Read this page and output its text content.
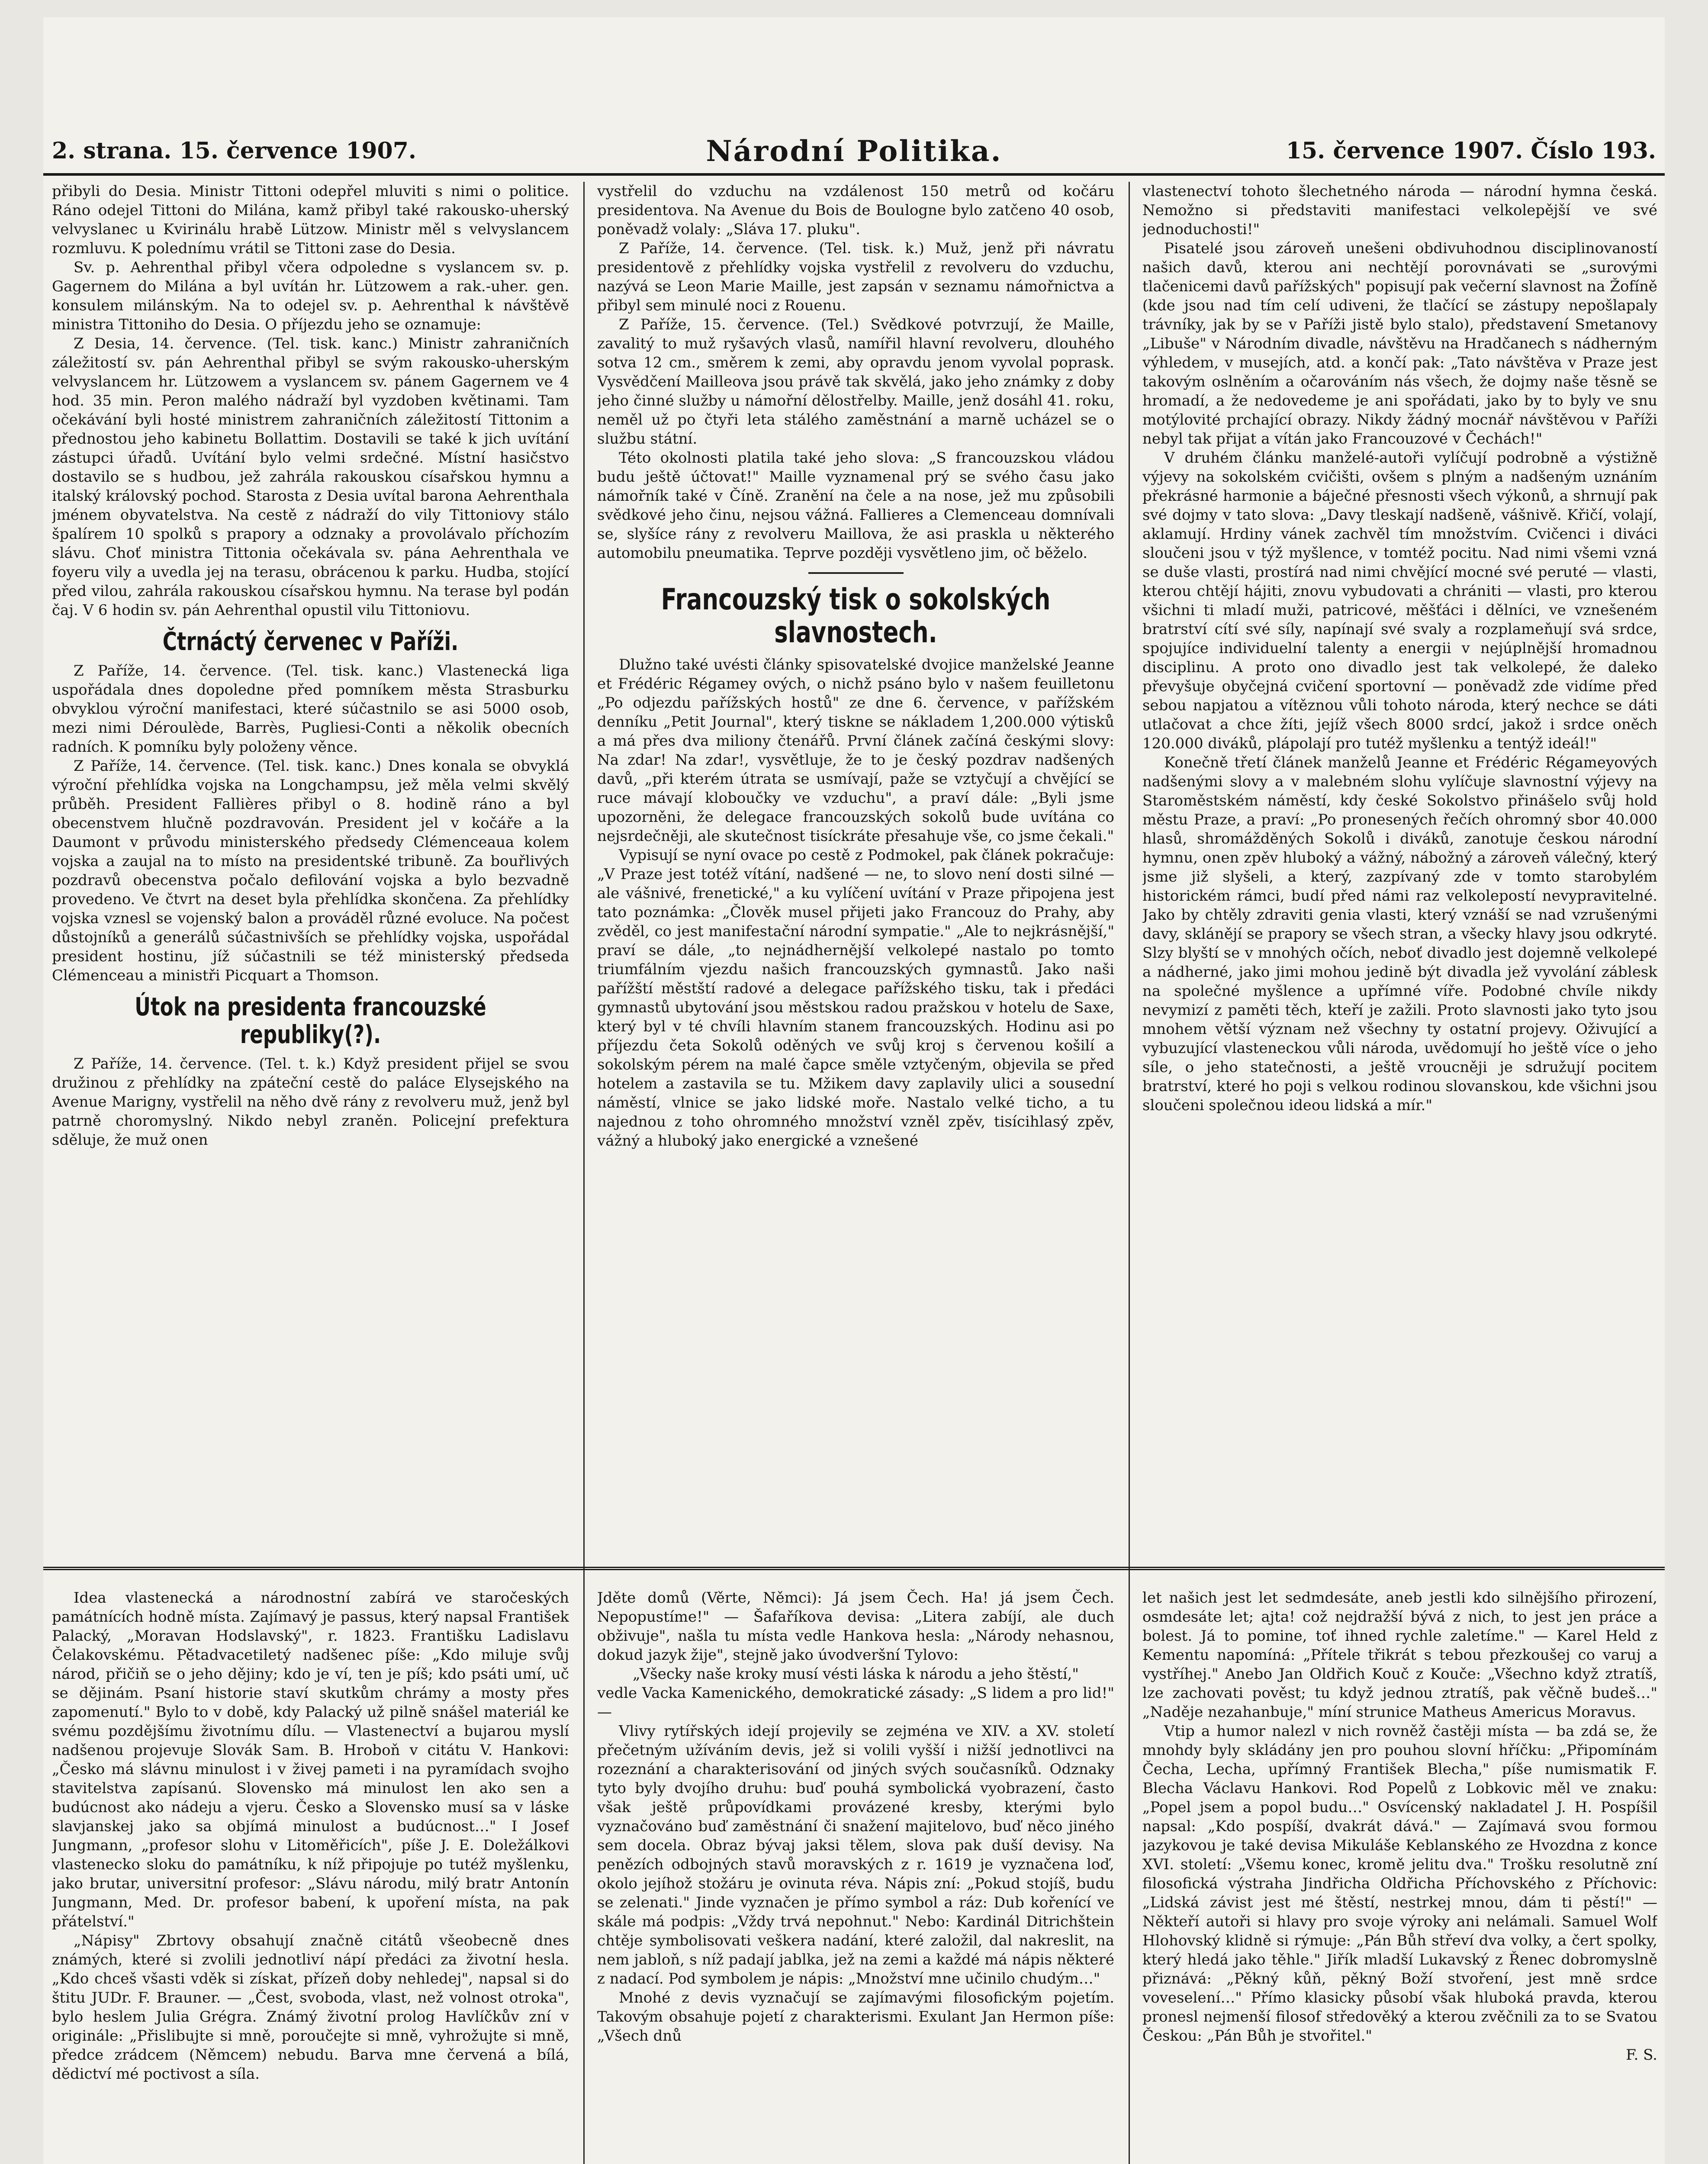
2. strana. 15. července 1907.	Národní Politika.	15. července 1907. Číslo 193.

přibyli do Desia. Ministr Tittoni odepřel mluviti s nimi o politice. Ráno odejel Tittoni do Milána, kamž přibyl také rakousko-uherský velvyslanec u Kvirinálu hrabě Lützow. Ministr měl s velvyslancem rozmluvu. K polednímu vrátil se Tittoni zase do Desia.

Sv. p. Aehrenthal přibyl včera odpoledne s vyslancem sv. p. Gagernem do Milána a byl uvítán hr. Lützowem a rak.-uher. gen. konsulem milánským. Na to odejel sv. p. Aehrenthal k návštěvě ministra Tittoniho do Desia. O příjezdu jeho se oznamuje:

Z Desia, 14. července. (Tel. tisk. kanc.) Ministr zahraničních záležitostí sv. pán Aehrenthal přibyl se svým rakousko-uherským velvyslancem hr. Lützowem a vyslancem sv. pánem Gagernem ve 4 hod. 35 min. Peron malého nádraží byl vyzdoben květinami. Tam očekávání byli hosté ministrem zahraničních záležitostí Tittonim a přednostou jeho kabinetu Bollattim. Dostavili se také k jich uvítání zástupci úřadů. Uvítání bylo velmi srdečné. Místní hasičstvo dostavilo se s hudbou, jež zahrála rakouskou císařskou hymnu a italský královský pochod. Starosta z Desia uvítal barona Aehrenthala jménem obyvatelstva. Na cestě z nádraží do vily Tittoniovy stálo špalírem 10 spolků s prapory a odznaky a provolávalo příchozím slávu. Choť ministra Tittonia očekávala sv. pána Aehrenthala ve foyeru vily a uvedla jej na terasu, obrácenou k parku. Hudba, stojící před vilou, zahrála rakouskou císařskou hymnu. Na terase byl podán čaj. V 6 hodin sv. pán Aehrenthal opustil vilu Tittoniovu.

Čtrnáctý červenec v Paříži.

Z Paříže, 14. července. (Tel. tisk. kanc.) Vlastenecká liga uspořádala dnes dopoledne před pomníkem města Strasburku obvyklou výroční manifestaci, které súčastnilo se asi 5000 osob, mezi nimi Déroulède, Barrès, Pugliesi-Conti a několik obecních radních. K pomníku byly položeny věnce.

Z Paříže, 14. července. (Tel. tisk. kanc.) Dnes konala se obvyklá výroční přehlídka vojska na Longchampsu, jež měla velmi skvělý průběh. President Fallières přibyl o 8. hodině ráno a byl obecenstvem hlučně pozdravován. President jel v kočáře a la Daumont v průvodu ministerského předsedy Clémenceaua kolem vojska a zaujal na to místo na presidentské tribuně. Za bouřlivých pozdravů obecenstva počalo defilování vojska a bylo bezvadně provedeno. Ve čtvrt na deset byla přehlídka skončena. Za přehlídky vojska vznesl se vojenský balon a prováděl různé evoluce. Na počest důstojníků a generálů súčastnivších se přehlídky vojska, uspořádal president hostinu, jíž súčastnili se též ministerský předseda Clémenceau a ministři Picquart a Thomson.

Útok na presidenta francouzské republiky(?).

Z Paříže, 14. července. (Tel. t. k.) Když president přijel se svou družinou z přehlídky na zpáteční cestě do paláce Elysejského na Avenue Marigny, vystřelil na něho dvě rány z revolveru muž, jenž byl patrně choromyslný. Nikdo nebyl zraněn. Policejní prefektura sděluje, že muž onen

vystřelil do vzduchu na vzdálenost 150 metrů od kočáru presidentova. Na Avenue du Bois de Boulogne bylo zatčeno 40 osob, poněvadž volaly: „Sláva 17. pluku".

Z Paříže, 14. července. (Tel. tisk. k.) Muž, jenž při návratu presidentově z přehlídky vojska vystřelil z revolveru do vzduchu, nazývá se Leon Marie Maille, jest zapsán v seznamu námořnictva a přibyl sem minulé noci z Rouenu.

Z Paříže, 15. července. (Tel.) Svědkové potvrzují, že Maille, zavalitý to muž ryšavých vlasů, namířil hlavní revolveru, dlouhého sotva 12 cm., směrem k zemi, aby opravdu jenom vyvolal poprask. Vysvědčení Mailleova jsou právě tak skvělá, jako jeho známky z doby jeho činné služby u námořní dělostřelby. Maille, jenž dosáhl 41. roku, neměl už po čtyři leta stálého zaměstnání a marně ucházel se o službu státní.

Této okolnosti platila také jeho slova: „S francouzskou vládou budu ještě účtovat!" Maille vyznamenal prý se svého času jako námořník také v Číně. Zranění na čele a na nose, jež mu způsobili svědkové jeho činu, nejsou vážná. Fallieres a Clemenceau domnívali se, slyšíce rány z revolveru Maillova, že asi praskla u některého automobilu pneumatika. Teprve později vysvětleno jim, oč běželo.

Francouzský tisk o sokolských slavnostech.

Dlužno také uvésti články spisovatelské dvojice manželské Jeanne et Frédéric Régamey ových, o nichž psáno bylo v našem feuilletonu „Po odjezdu pařížských hostů" ze dne 6. července, v pařížském denníku „Petit Journal", který tiskne se nákladem 1,200.000 výtisků a má přes dva miliony čtenářů. První článek začíná českými slovy: Na zdar! Na zdar!, vysvětluje, že to je český pozdrav nadšených davů, „při kterém útrata se usmívají, paže se vztyčují a chvějící se ruce mávají kloboučky ve vzduchu", a praví dále: „Byli jsme upozorněni, že delegace francouzských sokolů bude uvítána co nejsrdečněji, ale skutečnost tisíckráte přesahuje vše, co jsme čekali."

Vypisují se nyní ovace po cestě z Podmokel, pak článek pokračuje: „V Praze jest totéž vítání, nadšené — ne, to slovo není dosti silné — ale vášnivé, frenetické," a ku vylíčení uvítání v Praze připojena jest tato poznámka: „Člověk musel přijeti jako Francouz do Prahy, aby zvěděl, co jest manifestační národní sympatie." „Ale to nejkrásnější," praví se dále, „to nejnádhernější velkolepé nastalo po tomto triumfálním vjezdu našich francouzských gymnastů. Jako naši pařížští městští radové a delegace pařížského tisku, tak i předáci gymnastů ubytování jsou městskou radou pražskou v hotelu de Saxe, který byl v té chvíli hlavním stanem francouzských. Hodinu asi po příjezdu četa Sokolů oděných ve svůj kroj s červenou košilí a sokolským pérem na malé čapce směle vztyčeným, objevila se před hotelem a zastavila se tu. Mžikem davy zaplavily ulici a sousední náměstí, vlnice se jako lidské moře. Nastalo velké ticho, a tu najednou z toho ohromného množství vzněl zpěv, tisícihlasý zpěv, vážný a hluboký jako energické a vznešené

vlastenectví tohoto šlechetného národa — národní hymna česká. Nemožno si představiti manifestaci velkolepější ve své jednoduchosti!"

Pisatelé jsou zároveň unešeni obdivuhodnou disciplinovaností našich davů, kterou ani nechtějí porovnávati se „surovými tlačenicemi davů pařížských" popisují pak večerní slavnost na Žofíně (kde jsou nad tím celí udiveni, že tlačící se zástupy nepošlapaly trávníky, jak by se v Paříži jistě bylo stalo), představení Smetanovy „Libuše" v Národním divadle, návštěvu na Hradčanech s nádherným výhledem, v musejích, atd. a končí pak: „Tato návštěva v Praze jest takovým oslněním a očarováním nás všech, že dojmy naše těsně se hromadí, a že nedovedeme je ani spořádati, jako by to byly ve snu motýlovité prchající obrazy. Nikdy žádný mocnář návštěvou v Paříži nebyl tak přijat a vítán jako Francouzové v Čechách!"

V druhém článku manželé-autoři vylíčují podrobně a výstižně výjevy na sokolském cvičišti, ovšem s plným a nadšeným uznáním překrásné harmonie a báječné přesnosti všech výkonů, a shrnují pak své dojmy v tato slova: „Davy tleskají nadšeně, vášnivě. Křičí, volají, aklamují. Hrdiny vánek zachvěl tím množstvím. Cvičenci i diváci sloučeni jsou v týž myšlence, v tomtéž pocitu. Nad nimi všemi vzná se duše vlasti, prostírá nad nimi chvějící mocné své peruté — vlasti, kterou chtějí hájiti, znovu vybudovati a chrániti — vlasti, pro kterou všichni ti mladí muži, patricové, měšťáci i dělníci, ve vznešeném bratrství cítí své síly, napínají své svaly a rozplameňují svá srdce, spojujíce individuelní talenty a energii v nejúplnější hromadnou disciplinu. A proto ono divadlo jest tak velkolepé, že daleko převyšuje obyčejná cvičení sportovní — poněvadž zde vidíme před sebou napjatou a vítěznou vůli tohoto národa, který nechce se dáti utlačovat a chce žíti, jejíž všech 8000 srdcí, jakož i srdce oněch 120.000 diváků, plápolají pro tutéž myšlenku a tentýž ideál!"

Konečně třetí článek manželů Jeanne et Frédéric Régameyových nadšenými slovy a v malebném slohu vylíčuje slavnostní výjevy na Staroměstském náměstí, kdy české Sokolstvo přinášelo svůj hold městu Praze, a praví: „Po pronesených řečích ohromný sbor 40.000 hlasů, shromážděných Sokolů i diváků, zanotuje českou národní hymnu, onen zpěv hluboký a vážný, nábožný a zároveň válečný, který jsme již slyšeli, a který, zazpívaný zde v tomto starobylém historickém rámci, budí před námi raz velkolepostí nevypravitelné. Jako by chtěly zdraviti genia vlasti, který vznáší se nad vzrušenými davy, sklánějí se prapory se všech stran, a všecky hlavy jsou odkryté. Slzy blyští se v mnohých očích, neboť divadlo jest dojemně velkolepé a nádherné, jako jimi mohou jedině být divadla jež vyvolání záblesk na společné myšlence a upřímné víře. Podobné chvíle nikdy nevymizí z paměti těch, kteří je zažili. Proto slavnosti jako tyto jsou mnohem větší význam než všechny ty ostatní projevy. Oživující a vybuzující vlasteneckou vůli národa, uvědomují ho ještě více o jeho síle, o jeho statečnosti, a ještě vroucněji je sdružují pocitem bratrství, které ho poji s velkou rodinou slovanskou, kde všichni jsou sloučeni společnou ideou lidská a mír."

Idea vlastenecká a národnostní zabírá ve staročeských památnících hodně místa. Zajímavý je passus, který napsal František Palacký, „Moravan Hodslavský", r. 1823. Františku Ladislavu Čelakovskému. Pětadvacetiletý nadšenec píše: „Kdo miluje svůj národ, přičiň se o jeho dějiny; kdo je ví, ten je píš; kdo psáti umí, uč se dějinám. Psaní historie staví skutkům chrámy a mosty přes zapomenutí." Bylo to v době, kdy Palacký už pilně snášel materiál ke svému pozdějšímu životnímu dílu. — Vlastenectví a bujarou myslí nadšenou projevuje Slovák Sam. B. Hroboň v citátu V. Hankovi: „Česko má slávnu minulost i v živej pameti i na pyramídach svojho stavitelstva zapísanú. Slovensko má minulost len ako sen a budúcnost ako nádeju a vjeru. Česko a Slovensko musí sa v láske slavjanskej jako sa objímá minulost a budúcnost…" I Josef Jungmann, „profesor slohu v Litoměřicích", píše J. E. Doležálkovi vlastenecko sloku do památníku, k níž připojuje po tutéž myšlenku, jako brutar, universitní profesor: „Slávu národu, milý bratr Antonín Jungmann, Med. Dr. profesor babení, k upoření místa, na pak přátelství."

„Nápisy" Zbrtovy obsahují značně citátů všeobecně dnes známých, které si zvolili jednotliví nápí předáci za životní hesla. „Kdo chceš všasti vděk si získat, přízeň doby nehledej", napsal si do štitu JUDr. F. Brauner. — „Čest, svoboda, vlast, než volnost otroka", bylo heslem Julia Grégra. Známý životní prolog Havlíčkův zní v originále: „Přislibujte si mně, poroučejte si mně, vyhrožujte si mně, předce zrádcem (Němcem) nebudu. Barva mne červená a bílá, dědictví mé poctivost a síla.

Jděte domů (Věrte, Němci): Já jsem Čech. Ha! já jsem Čech. Nepopustíme!" — Šafaříkova devisa: „Litera zabíjí, ale duch obživuje", našla tu místa vedle Hankova hesla: „Národy nehasnou, dokud jazyk žije", stejně jako úvodveršní Tylovo:

„Všecky naše kroky musí vésti láska k národu a jeho štěstí,"

vedle Vacka Kamenického, demokratické zásady: „S lidem a pro lid!" —

Vlivy rytířských idejí projevily se zejména ve XIV. a XV. století přečetným užíváním devis, jež si volili vyšší i nižší jednotlivci na rozeznání a charakterisování od jiných svých současníků. Odznaky tyto byly dvojího druhu: buď pouhá symbolická vyobrazení, často však ještě průpovídkami provázené kresby, kterými bylo vyznačováno buď zaměstnání či snažení majitelovo, buď něco jiného sem docela. Obraz bývaj jaksi tělem, slova pak duší devisy. Na penězích odbojných stavů moravských z r. 1619 je vyznačena loď, okolo jejíhož stožáru je ovinuta réva. Nápis zní: „Pokud stojíš, budu se zelenati." Jinde vyznačen je přímo symbol a ráz: Dub kořenící ve skále má podpis: „Vždy trvá nepohnut." Nebo: Kardinál Ditrichštein chtěje symbolisovati veškera nadání, které založil, dal nakreslit, na nem jabloň, s níž padají jablka, jež na zemi a každé má nápis některé z nadací. Pod symbolem je nápis: „Množství mne učinilo chudým…"

Mnohé z devis vyznačují se zajímavými filosofickým pojetím. Takovým obsahuje pojetí z charakterismi. Exulant Jan Hermon píše: „Všech dnů

let našich jest let sedmdesáte, aneb jestli kdo silnějšího přirození, osmdesáte let; ajta! což nejdražší bývá z nich, to jest jen práce a bolest. Já to pomine, toť ihned rychle zaletíme." — Karel Held z Kementu napomíná: „Přítele třikrát s tebou přezkoušej co varuj a vystříhej." Anebo Jan Oldřich Kouč z Kouče: „Všechno když ztratíš, lze zachovati pověst; tu když jednou ztratíš, pak věčně budeš…" „Naděje nezahanbuje," míní strunice Matheus Americus Moravus.

Vtip a humor nalezl v nich rovněž častěji místa — ba zdá se, že mnohdy byly skládány jen pro pouhou slovní hříčku: „Připomínám Čecha, Lecha, upřímný František Blecha," píše numismatik F. Blecha Václavu Hankovi. Rod Popelů z Lobkovic měl ve znaku: „Popel jsem a popol budu…" Osvícenský nakladatel J. H. Pospíšil napsal: „Kdo pospíší, dvakrát dává." — Zajímavá svou formou jazykovou je také devisa Mikuláše Keblanského ze Hvozdna z konce XVI. století: „Všemu konec, kromě jelitu dva." Trošku resolutně zní filosofická výstraha Jindřicha Oldřicha Příchovského z Příchovic: „Lidská závist jest mé štěstí, nestrkej mnou, dám ti pěstí!" — Někteří autoři si hlavy pro svoje výroky ani nelámali. Samuel Wolf Hlohovský klidně si rýmuje: „Pán Bůh střeví dva volky, a čert spolky, který hledá jako těhle." Jiřík mladší Lukavský z Řenec dobromyslně přiznává: „Pěkný kůň, pěkný Boží stvoření, jest mně srdce voveselení…" Přímo klasicky působí však hluboká pravda, kterou pronesl nejmenší filosof středověký a kterou zvěčnili za to se Svatou Českou: „Pán Bůh je stvořitel."

F. S.
